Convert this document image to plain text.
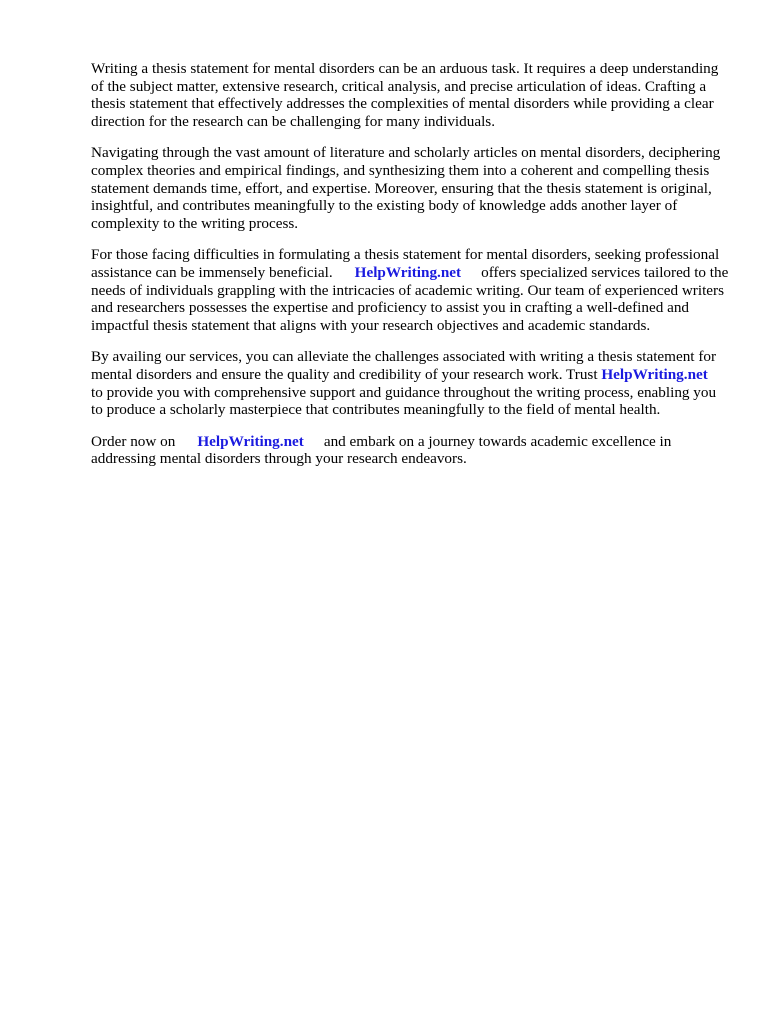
Writing a thesis statement for mental disorders can be an arduous task. It requires a deep understanding of the subject matter, extensive research, critical analysis, and precise articulation of ideas. Crafting a thesis statement that effectively addresses the complexities of mental disorders while providing a clear direction for the research can be challenging for many individuals.

Navigating through the vast amount of literature and scholarly articles on mental disorders, deciphering complex theories and empirical findings, and synthesizing them into a coherent and compelling thesis statement demands time, effort, and expertise. Moreover, ensuring that the thesis statement is original, insightful, and contributes meaningfully to the existing body of knowledge adds another layer of complexity to the writing process.

For those facing difficulties in formulating a thesis statement for mental disorders, seeking professional assistance can be immensely beneficial. HelpWriting.net offers specialized services tailored to the needs of individuals grappling with the intricacies of academic writing. Our team of experienced writers and researchers possesses the expertise and proficiency to assist you in crafting a well-defined and impactful thesis statement that aligns with your research objectives and academic standards.

By availing our services, you can alleviate the challenges associated with writing a thesis statement for mental disorders and ensure the quality and credibility of your research work. Trust HelpWriting.netto provide you with comprehensive support and guidance throughout the writing process, enabling you to produce a scholarly masterpiece that contributes meaningfully to the field of mental health.

Order now on HelpWriting.net and embark on a journey towards academic excellence in addressing mental disorders through your research endeavors.
